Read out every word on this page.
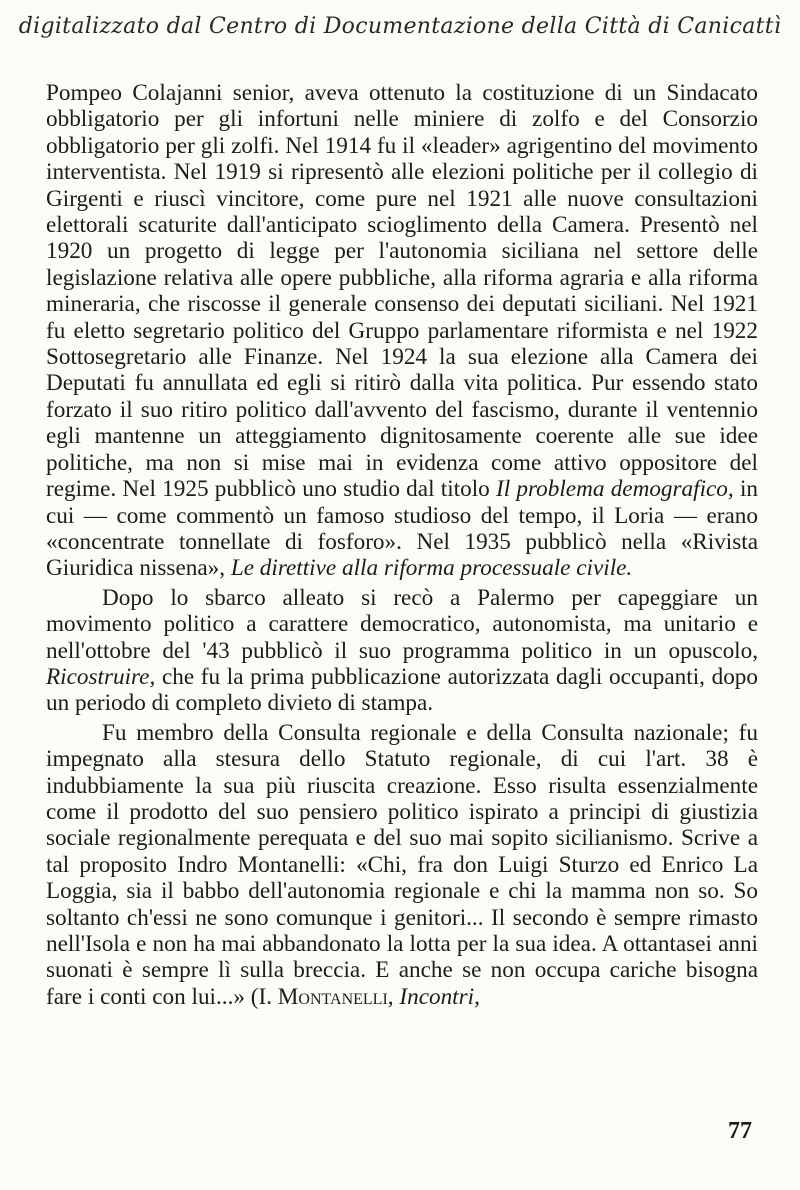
digitalizzato dal Centro di Documentazione della Città di Canicattì

Pompeo Colajanni senior, aveva ottenuto la costituzione di un Sindacato obbligatorio per gli infortuni nelle miniere di zolfo e del Consorzio obbligatorio per gli zolfi. Nel 1914 fu il «leader» agrigentino del movimento interventista. Nel 1919 si ripresentò alle elezioni politiche per il collegio di Girgenti e riuscì vincitore, come pure nel 1921 alle nuove consultazioni elettorali scaturite dall'anticipato scioglimento della Camera. Presentò nel 1920 un progetto di legge per l'autonomia siciliana nel settore delle legislazione relativa alle opere pubbliche, alla riforma agraria e alla riforma mineraria, che riscosse il generale consenso dei deputati siciliani. Nel 1921 fu eletto segretario politico del Gruppo parlamentare riformista e nel 1922 Sottosegretario alle Finanze. Nel 1924 la sua elezione alla Camera dei Deputati fu annullata ed egli si ritirò dalla vita politica. Pur essendo stato forzato il suo ritiro politico dall'avvento del fascismo, durante il ventennio egli mantenne un atteggiamento dignitosamente coerente alle sue idee politiche, ma non si mise mai in evidenza come attivo oppositore del regime. Nel 1925 pubblicò uno studio dal titolo Il problema demografico, in cui — come commentò un famoso studioso del tempo, il Loria — erano «concentrate tonnellate di fosforo». Nel 1935 pubblicò nella «Rivista Giuridica nissena», Le direttive alla riforma processuale civile.

Dopo lo sbarco alleato si recò a Palermo per capeggiare un movimento politico a carattere democratico, autonomista, ma unitario e nell'ottobre del '43 pubblicò il suo programma politico in un opuscolo, Ricostruire, che fu la prima pubblicazione autorizzata dagli occupanti, dopo un periodo di completo divieto di stampa.

Fu membro della Consulta regionale e della Consulta nazionale; fu impegnato alla stesura dello Statuto regionale, di cui l'art. 38 è indubbiamente la sua più riuscita creazione. Esso risulta essenzialmente come il prodotto del suo pensiero politico ispirato a principi di giustizia sociale regionalmente perequata e del suo mai sopito sicilianismo. Scrive a tal proposito Indro Montanelli: «Chi, fra don Luigi Sturzo ed Enrico La Loggia, sia il babbo dell'autonomia regionale e chi la mamma non so. So soltanto ch'essi ne sono comunque i genitori... Il secondo è sempre rimasto nell'Isola e non ha mai abbandonato la lotta per la sua idea. A ottantasei anni suonati è sempre lì sulla breccia. E anche se non occupa cariche bisogna fare i conti con lui...» (I. Montanelli, Incontri,

77
